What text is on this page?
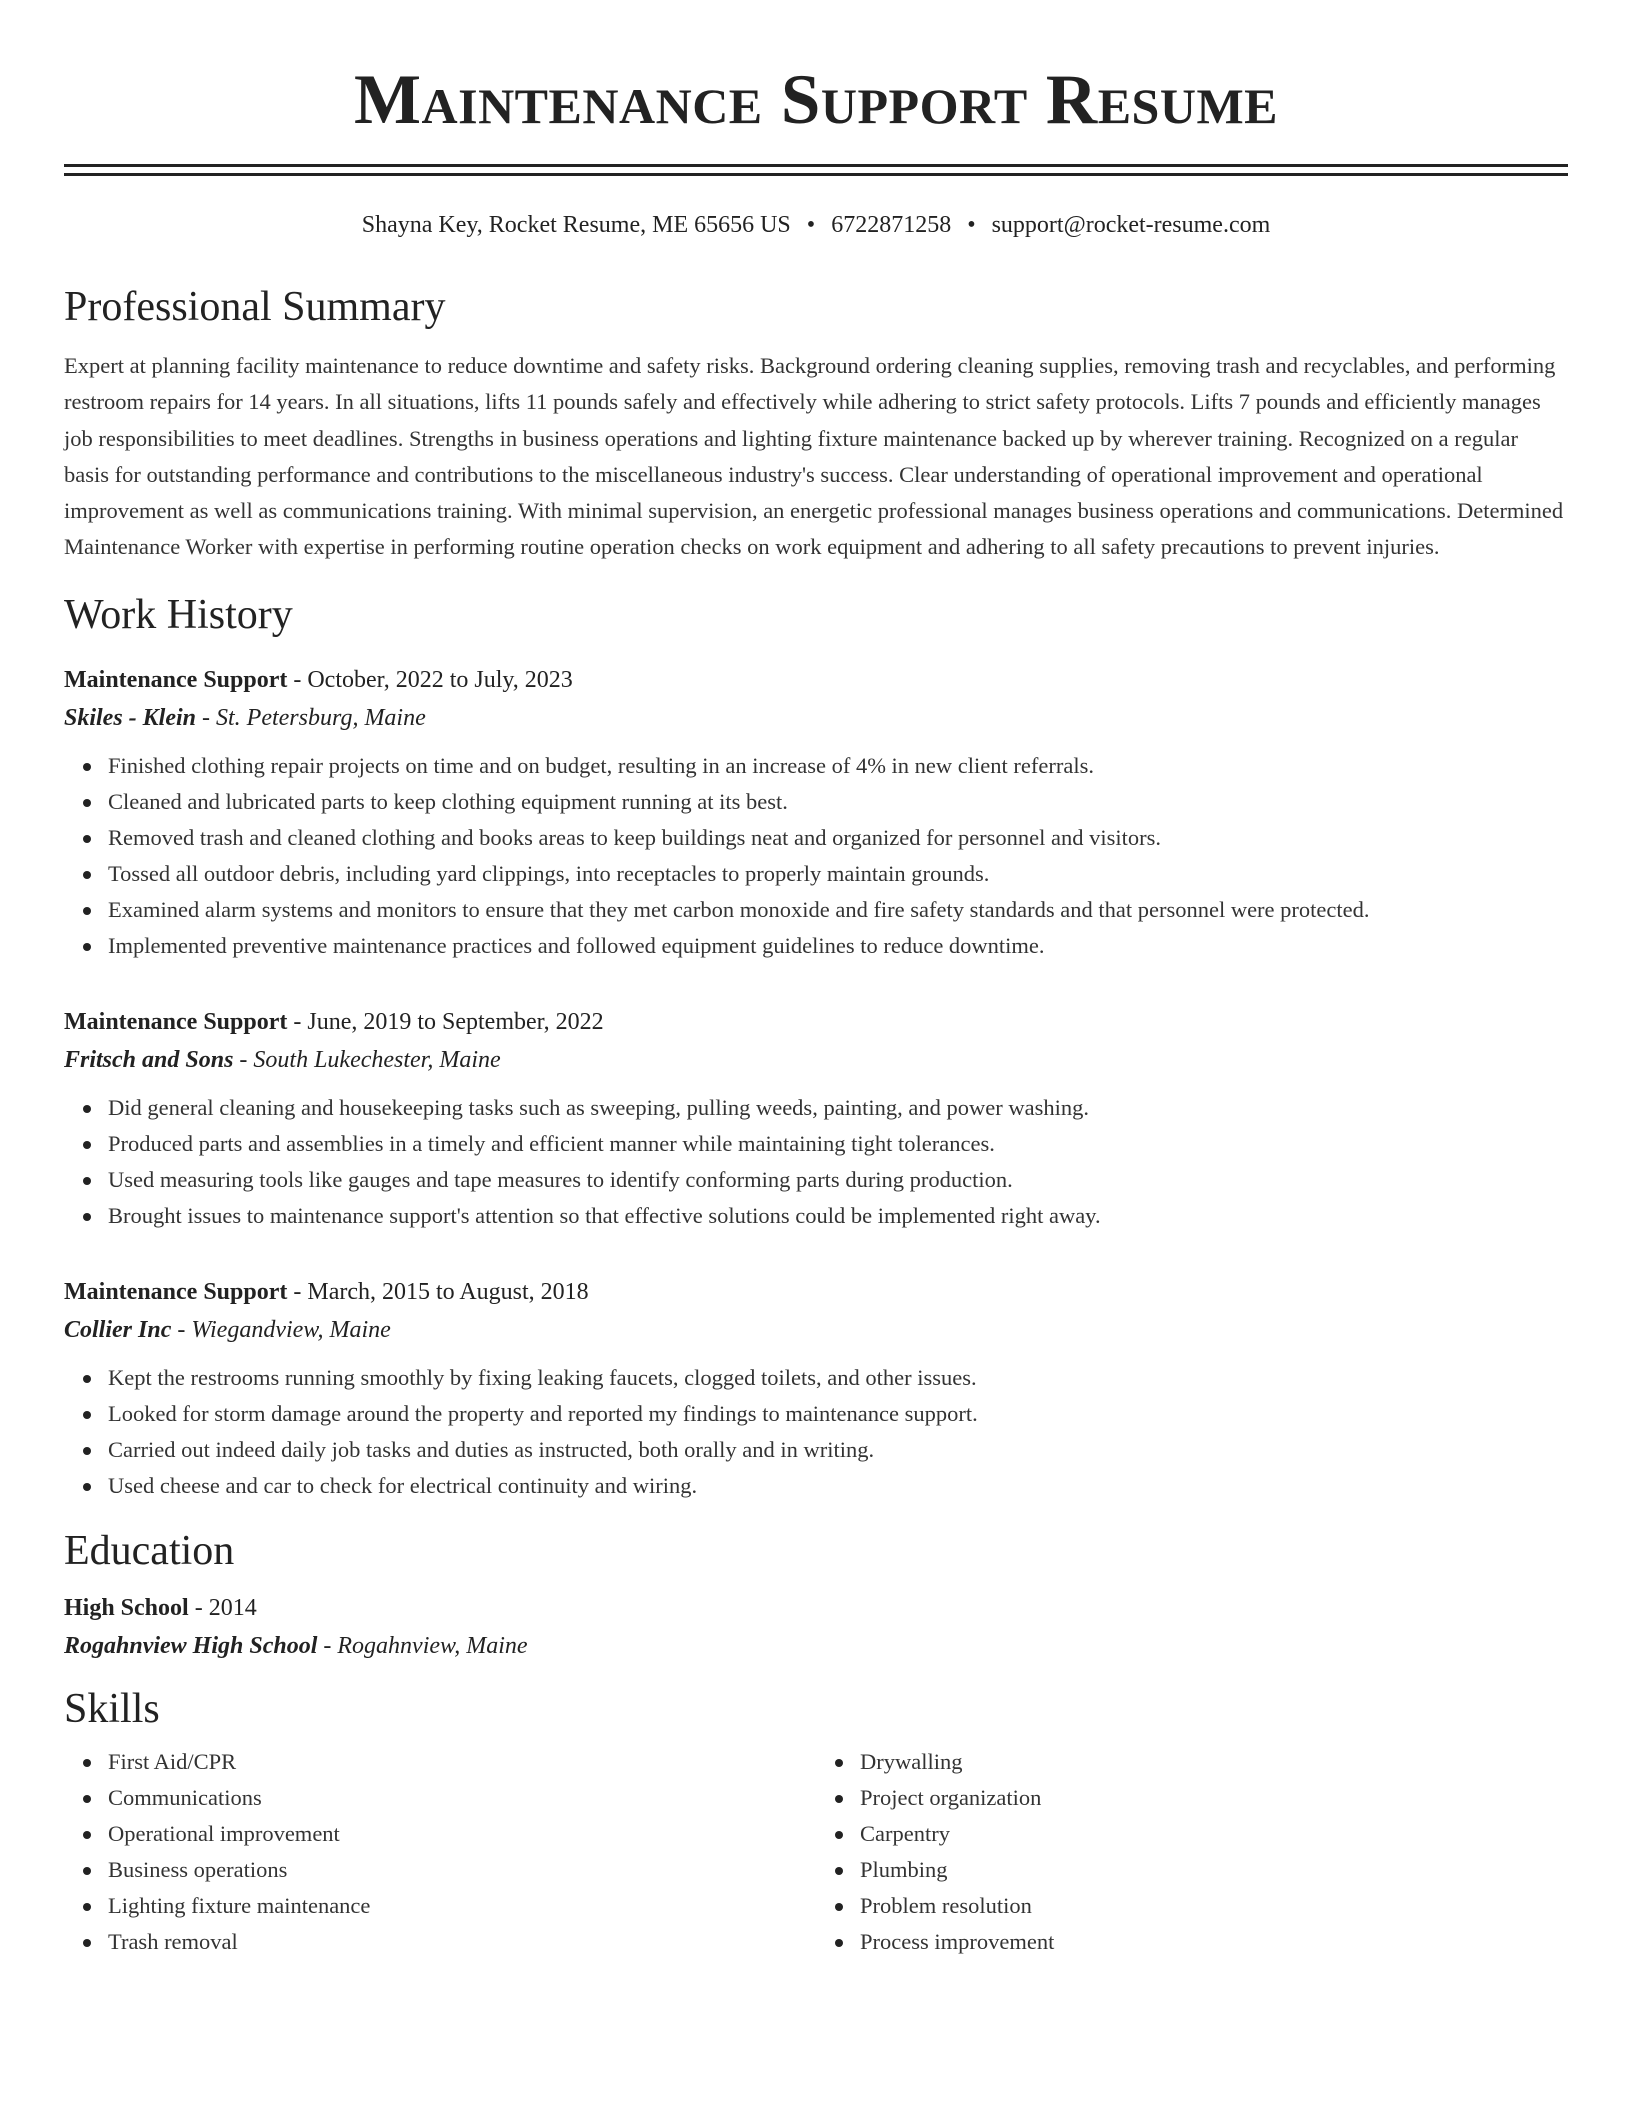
Maintenance Support Resume
Shayna Key, Rocket Resume, ME 65656 US • 6722871258 • support@rocket-resume.com
Professional Summary
Expert at planning facility maintenance to reduce downtime and safety risks. Background ordering cleaning supplies, removing trash and recyclables, and performing restroom repairs for 14 years. In all situations, lifts 11 pounds safely and effectively while adhering to strict safety protocols. Lifts 7 pounds and efficiently manages job responsibilities to meet deadlines. Strengths in business operations and lighting fixture maintenance backed up by wherever training. Recognized on a regular basis for outstanding performance and contributions to the miscellaneous industry's success. Clear understanding of operational improvement and operational improvement as well as communications training. With minimal supervision, an energetic professional manages business operations and communications. Determined Maintenance Worker with expertise in performing routine operation checks on work equipment and adhering to all safety precautions to prevent injuries.
Work History
Maintenance Support - October, 2022 to July, 2023
Skiles - Klein - St. Petersburg, Maine
Finished clothing repair projects on time and on budget, resulting in an increase of 4% in new client referrals.
Cleaned and lubricated parts to keep clothing equipment running at its best.
Removed trash and cleaned clothing and books areas to keep buildings neat and organized for personnel and visitors.
Tossed all outdoor debris, including yard clippings, into receptacles to properly maintain grounds.
Examined alarm systems and monitors to ensure that they met carbon monoxide and fire safety standards and that personnel were protected.
Implemented preventive maintenance practices and followed equipment guidelines to reduce downtime.
Maintenance Support - June, 2019 to September, 2022
Fritsch and Sons - South Lukechester, Maine
Did general cleaning and housekeeping tasks such as sweeping, pulling weeds, painting, and power washing.
Produced parts and assemblies in a timely and efficient manner while maintaining tight tolerances.
Used measuring tools like gauges and tape measures to identify conforming parts during production.
Brought issues to maintenance support's attention so that effective solutions could be implemented right away.
Maintenance Support - March, 2015 to August, 2018
Collier Inc - Wiegandview, Maine
Kept the restrooms running smoothly by fixing leaking faucets, clogged toilets, and other issues.
Looked for storm damage around the property and reported my findings to maintenance support.
Carried out indeed daily job tasks and duties as instructed, both orally and in writing.
Used cheese and car to check for electrical continuity and wiring.
Education
High School - 2014
Rogahnview High School - Rogahnview, Maine
Skills
First Aid/CPR
Communications
Operational improvement
Business operations
Lighting fixture maintenance
Trash removal
Drywalling
Project organization
Carpentry
Plumbing
Problem resolution
Process improvement
